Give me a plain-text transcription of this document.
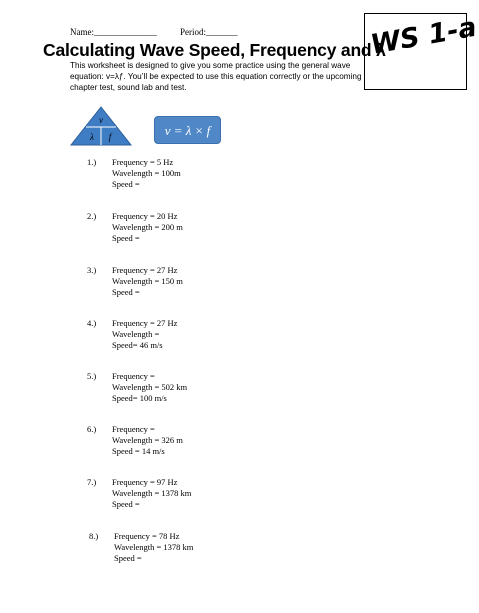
Name:______________	Period:_______	WS 1-a
Calculating Wave Speed, Frequency and λ
This worksheet is designed to give you some practice using the general wave equation: v=λƒ. You’ll be expected to use this equation correctly or the upcoming chapter test, sound lab and test.
v
λ f	v = λ × f
1.) Frequency = 5 Hz
Wavelength = 100m
Speed =
2.) Frequency = 20 Hz
Wavelength = 200 m
Speed =
3.) Frequency = 27 Hz
Wavelength = 150 m
Speed =
4.) Frequency = 27 Hz
Wavelength =
Speed= 46 m/s
5.) Frequency =
Wavelength = 502 km
Speed= 100 m/s
6.) Frequency =
Wavelength = 326 m
Speed = 14 m/s
7.) Frequency = 97 Hz
Wavelength = 1378 km
Speed =
8.) Frequency = 78 Hz
Wavelength = 1378 km
Speed =
